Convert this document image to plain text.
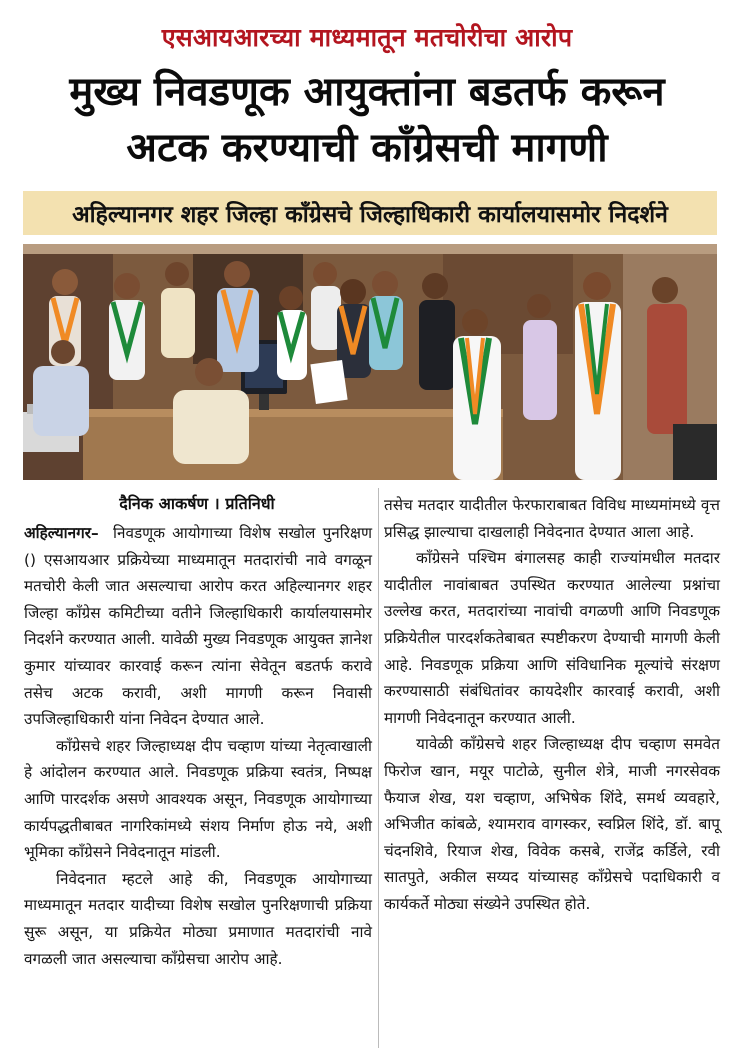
एसआयआरच्या माध्यमातून मतचोरीचा आरोप
मुख्य निवडणूक आयुक्तांना बडतर्फ करून
अटक करण्याची काँग्रेसची मागणी
अहिल्यानगर शहर जिल्हा काँग्रेसचे जिल्हाधिकारी कार्यालयासमोर निदर्शने
दैनिक आकर्षण । प्रतिनिधी

अहिल्यानगर– निवडणूक आयोगाच्या विशेष सखोल पुनरिक्षण () एसआयआर प्रक्रियेच्या माध्यमातून मतदारांची नावे वगळून मतचोरी केली जात असल्याचा आरोप करत अहिल्यानगर शहर जिल्हा काँग्रेस कमिटीच्या वतीने जिल्हाधिकारी कार्यालयासमोर निदर्शने करण्यात आली. यावेळी मुख्य निवडणूक आयुक्त ज्ञानेश कुमार यांच्यावर कारवाई करून त्यांना सेवेतून बडतर्फ करावे तसेच अटक करावी, अशी मागणी करून निवासी उपजिल्हाधिकारी यांना निवेदन देण्यात आले.

काँग्रेसचे शहर जिल्हाध्यक्ष दीप चव्हाण यांच्या नेतृत्वाखाली हे आंदोलन करण्यात आले. निवडणूक प्रक्रिया स्वतंत्र, निष्पक्ष आणि पारदर्शक असणे आवश्यक असून, निवडणूक आयोगाच्या कार्यपद्धतीबाबत नागरिकांमध्ये संशय निर्माण होऊ नये, अशी भूमिका काँग्रेसने निवेदनातून मांडली.

निवेदनात म्हटले आहे की, निवडणूक आयोगाच्या माध्यमातून मतदार यादीच्या विशेष सखोल पुनरिक्षणाची प्रक्रिया सुरू असून, या प्रक्रियेत मोठ्या प्रमाणात मतदारांची नावे वगळली जात असल्याचा काँग्रेसचा आरोप आहे.

तसेच मतदार यादीतील फेरफाराबाबत विविध माध्यमांमध्ये वृत्त प्रसिद्ध झाल्याचा दाखलाही निवेदनात देण्यात आला आहे.

काँग्रेसने पश्चिम बंगालसह काही राज्यांमधील मतदार यादीतील नावांबाबत उपस्थित करण्यात आलेल्या प्रश्नांचा उल्लेख करत, मतदारांच्या नावांची वगळणी आणि निवडणूक प्रक्रियेतील पारदर्शकतेबाबत स्पष्टीकरण देण्याची मागणी केली आहे. निवडणूक प्रक्रिया आणि संविधानिक मूल्यांचे संरक्षण करण्यासाठी संबंधितांवर कायदेशीर कारवाई करावी, अशी मागणी निवेदनातून करण्यात आली.

यावेळी काँग्रेसचे शहर जिल्हाध्यक्ष दीप चव्हाण समवेत फिरोज खान, मयूर पाटोळे, सुनील शेत्रे, माजी नगरसेवक फैयाज शेख, यश चव्हाण, अभिषेक शिंदे, समर्थ व्यवहारे, अभिजीत कांबळे, श्यामराव वागस्कर, स्वप्निल शिंदे, डॉ. बापू चंदनशिवे, रियाज शेख, विवेक कसबे, राजेंद्र कर्डिले, रवी सातपुते, अकील सय्यद यांच्यासह काँग्रेसचे पदाधिकारी व कार्यकर्ते मोठ्या संख्येने उपस्थित होते.
